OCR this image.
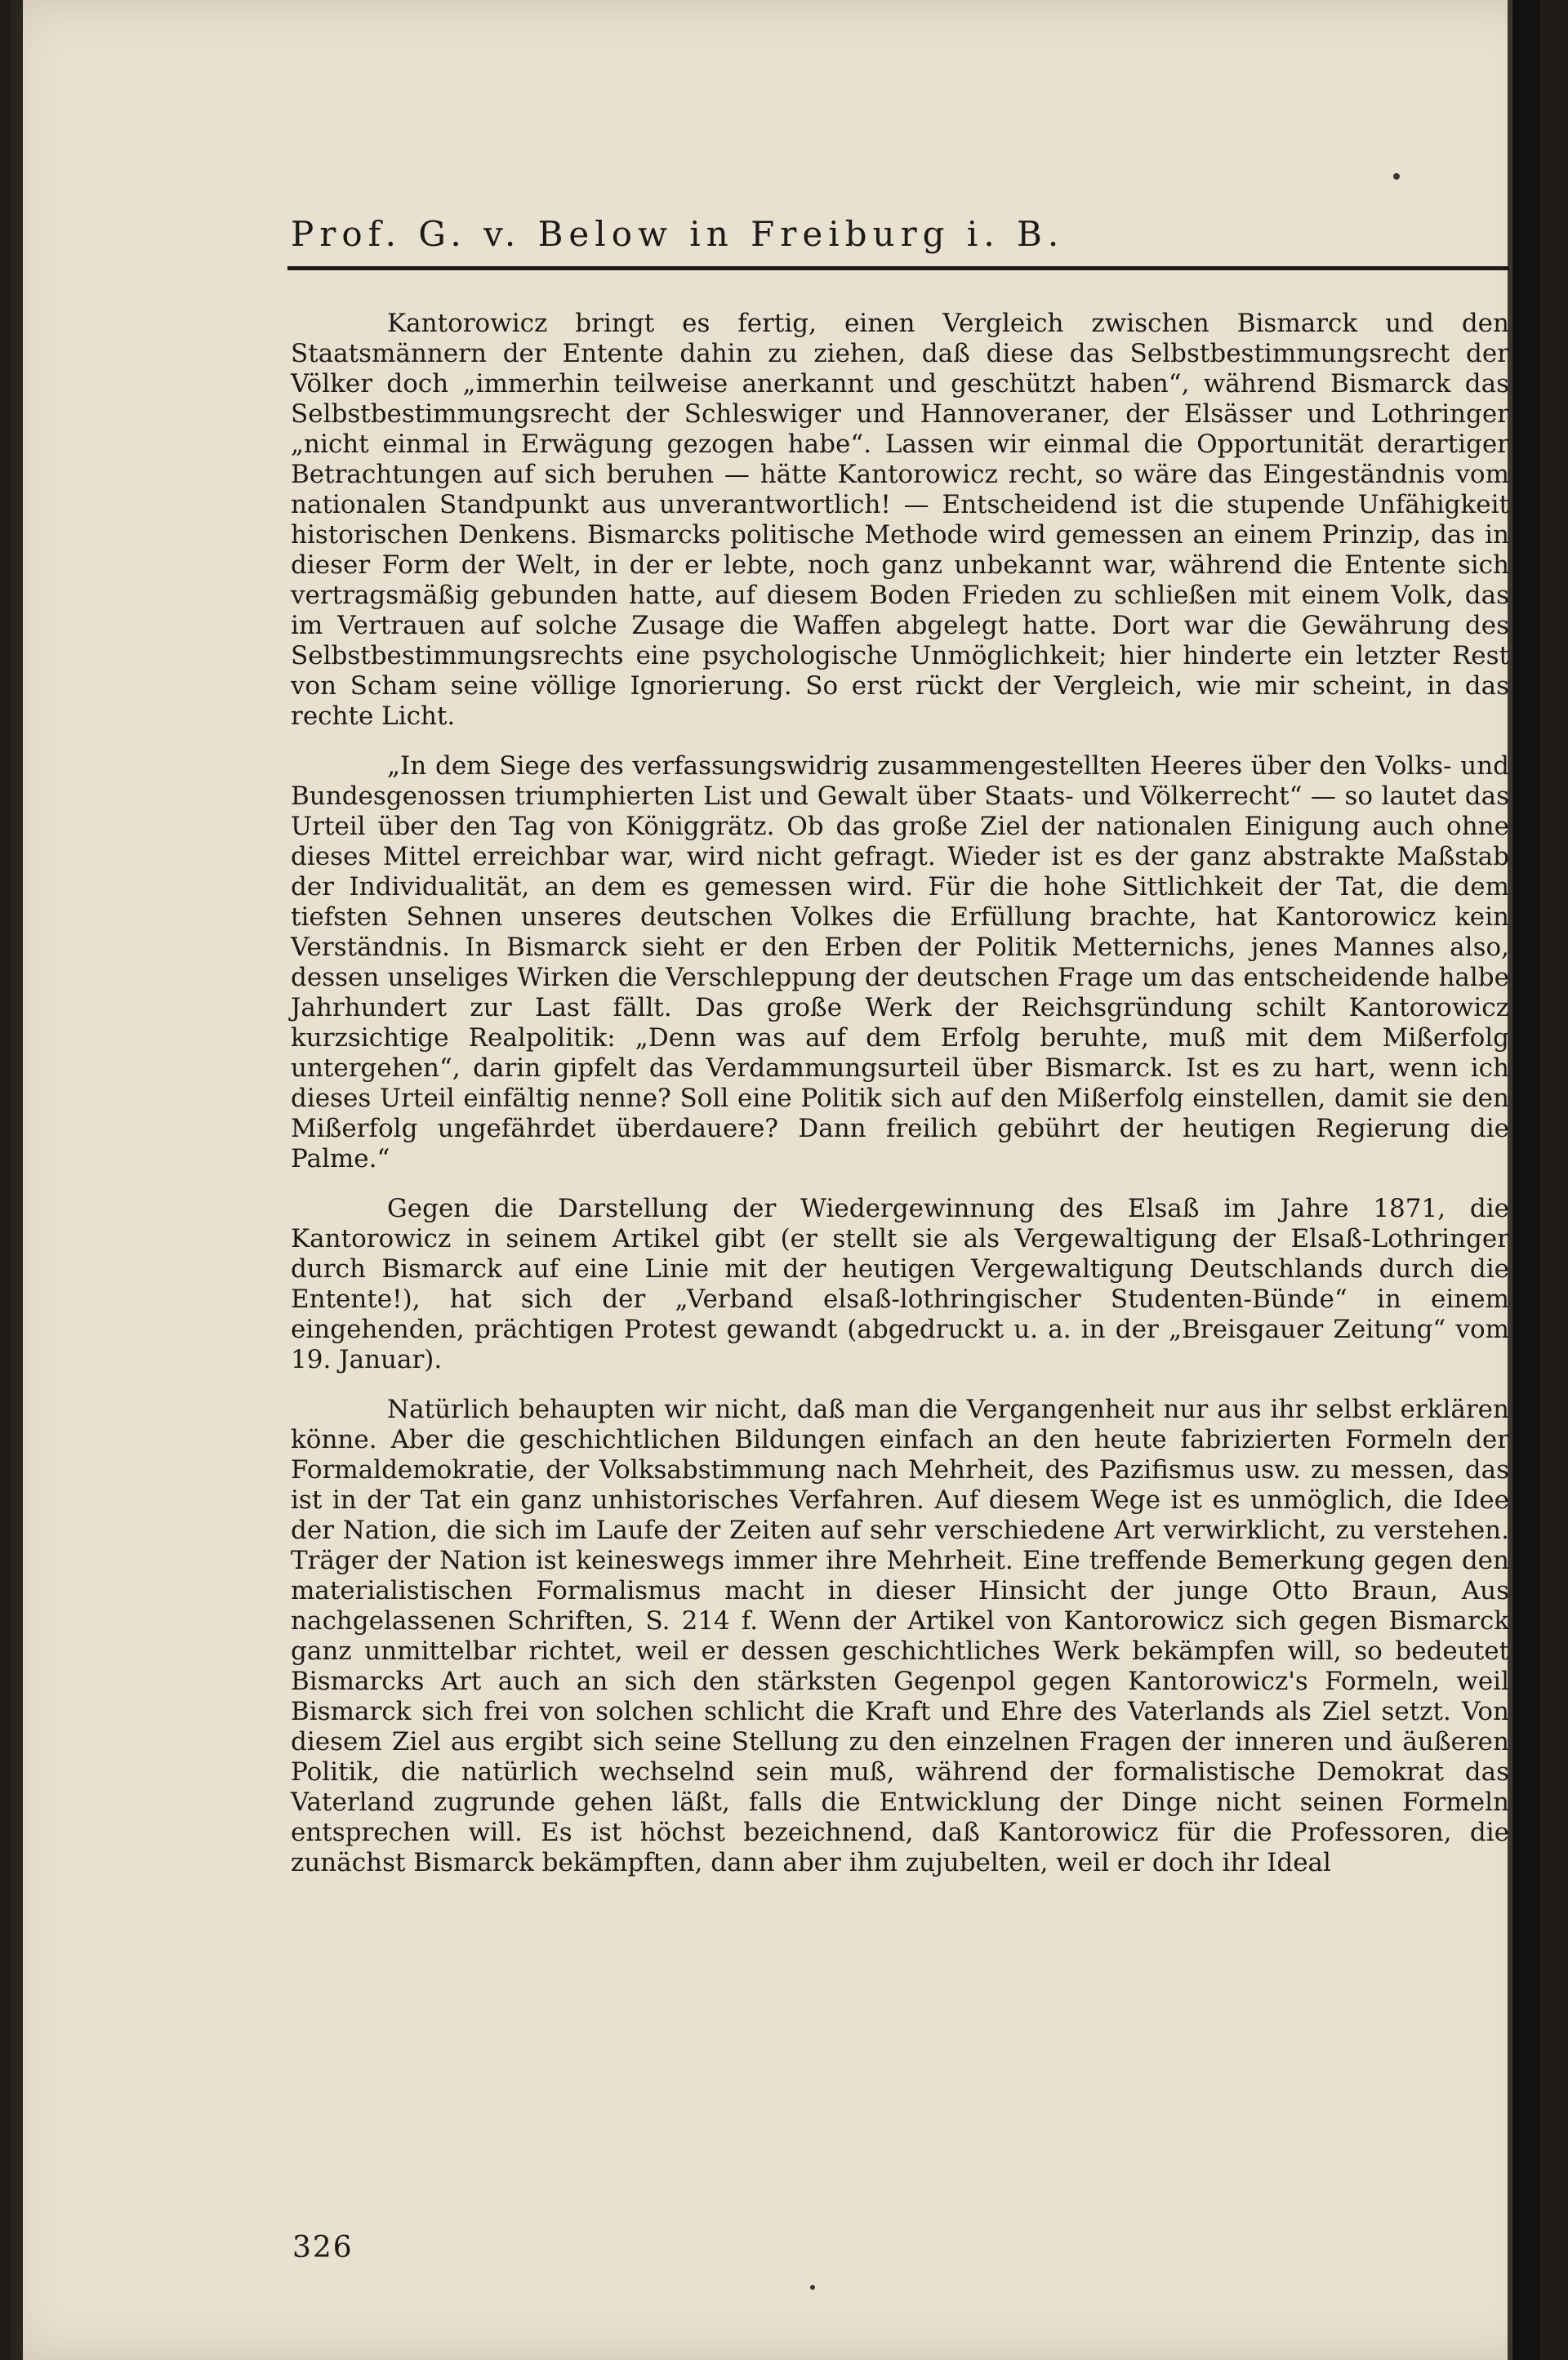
Prof. G. v. Below in Freiburg i. B.

Kantorowicz bringt es fertig, einen Vergleich zwischen Bismarck und den Staatsmännern der Entente dahin zu ziehen, daß diese das Selbstbestimmungsrecht der Völker doch „immerhin teilweise anerkannt und geschützt haben“, während Bismarck das Selbstbestimmungsrecht der Schleswiger und Hannoveraner, der Elsässer und Lothringer „nicht einmal in Erwägung gezogen habe“. Lassen wir einmal die Opportunität derartiger Betrachtungen auf sich beruhen — hätte Kantorowicz recht, so wäre das Eingeständnis vom nationalen Standpunkt aus unverantwortlich! — Entscheidend ist die stupende Unfähigkeit historischen Denkens. Bismarcks politische Methode wird gemessen an einem Prinzip, das in dieser Form der Welt, in der er lebte, noch ganz unbekannt war, während die Entente sich vertragsmäßig gebunden hatte, auf diesem Boden Frieden zu schließen mit einem Volk, das im Vertrauen auf solche Zusage die Waffen abgelegt hatte. Dort war die Gewährung des Selbstbestimmungsrechts eine psychologische Unmöglichkeit; hier hinderte ein letzter Rest von Scham seine völlige Ignorierung. So erst rückt der Vergleich, wie mir scheint, in das rechte Licht.

„In dem Siege des verfassungswidrig zusammengestellten Heeres über den Volks- und Bundesgenossen triumphierten List und Gewalt über Staats- und Völkerrecht“ — so lautet das Urteil über den Tag von Königgrätz. Ob das große Ziel der nationalen Einigung auch ohne dieses Mittel erreichbar war, wird nicht gefragt. Wieder ist es der ganz abstrakte Maßstab der Individualität, an dem es gemessen wird. Für die hohe Sittlichkeit der Tat, die dem tiefsten Sehnen unseres deutschen Volkes die Erfüllung brachte, hat Kantorowicz kein Verständnis. In Bismarck sieht er den Erben der Politik Metternichs, jenes Mannes also, dessen unseliges Wirken die Verschleppung der deutschen Frage um das entscheidende halbe Jahrhundert zur Last fällt. Das große Werk der Reichsgründung schilt Kantorowicz kurzsichtige Realpolitik: „Denn was auf dem Erfolg beruhte, muß mit dem Mißerfolg untergehen“, darin gipfelt das Verdammungsurteil über Bismarck. Ist es zu hart, wenn ich dieses Urteil einfältig nenne? Soll eine Politik sich auf den Mißerfolg einstellen, damit sie den Mißerfolg ungefährdet überdauere? Dann freilich gebührt der heutigen Regierung die Palme.“

Gegen die Darstellung der Wiedergewinnung des Elsaß im Jahre 1871, die Kantorowicz in seinem Artikel gibt (er stellt sie als Vergewaltigung der Elsaß-Lothringer durch Bismarck auf eine Linie mit der heutigen Vergewaltigung Deutschlands durch die Entente!), hat sich der „Verband elsaß-lothringischer Studenten-Bünde“ in einem eingehenden, prächtigen Protest gewandt (abgedruckt u. a. in der „Breisgauer Zeitung“ vom 19. Januar).

Natürlich behaupten wir nicht, daß man die Vergangenheit nur aus ihr selbst erklären könne. Aber die geschichtlichen Bildungen einfach an den heute fabrizierten Formeln der Formaldemokratie, der Volksabstimmung nach Mehrheit, des Pazifismus usw. zu messen, das ist in der Tat ein ganz unhistorisches Verfahren. Auf diesem Wege ist es unmöglich, die Idee der Nation, die sich im Laufe der Zeiten auf sehr verschiedene Art verwirklicht, zu verstehen. Träger der Nation ist keineswegs immer ihre Mehrheit. Eine treffende Bemerkung gegen den materialistischen Formalismus macht in dieser Hinsicht der junge Otto Braun, Aus nachgelassenen Schriften, S. 214 f. Wenn der Artikel von Kantorowicz sich gegen Bismarck ganz unmittelbar richtet, weil er dessen geschichtliches Werk bekämpfen will, so bedeutet Bismarcks Art auch an sich den stärksten Gegenpol gegen Kantorowicz's Formeln, weil Bismarck sich frei von solchen schlicht die Kraft und Ehre des Vaterlands als Ziel setzt. Von diesem Ziel aus ergibt sich seine Stellung zu den einzelnen Fragen der inneren und äußeren Politik, die natürlich wechselnd sein muß, während der formalistische Demokrat das Vaterland zugrunde gehen läßt, falls die Entwicklung der Dinge nicht seinen Formeln entsprechen will. Es ist höchst bezeichnend, daß Kantorowicz für die Professoren, die zunächst Bismarck bekämpften, dann aber ihm zujubelten, weil er doch ihr Ideal

326
